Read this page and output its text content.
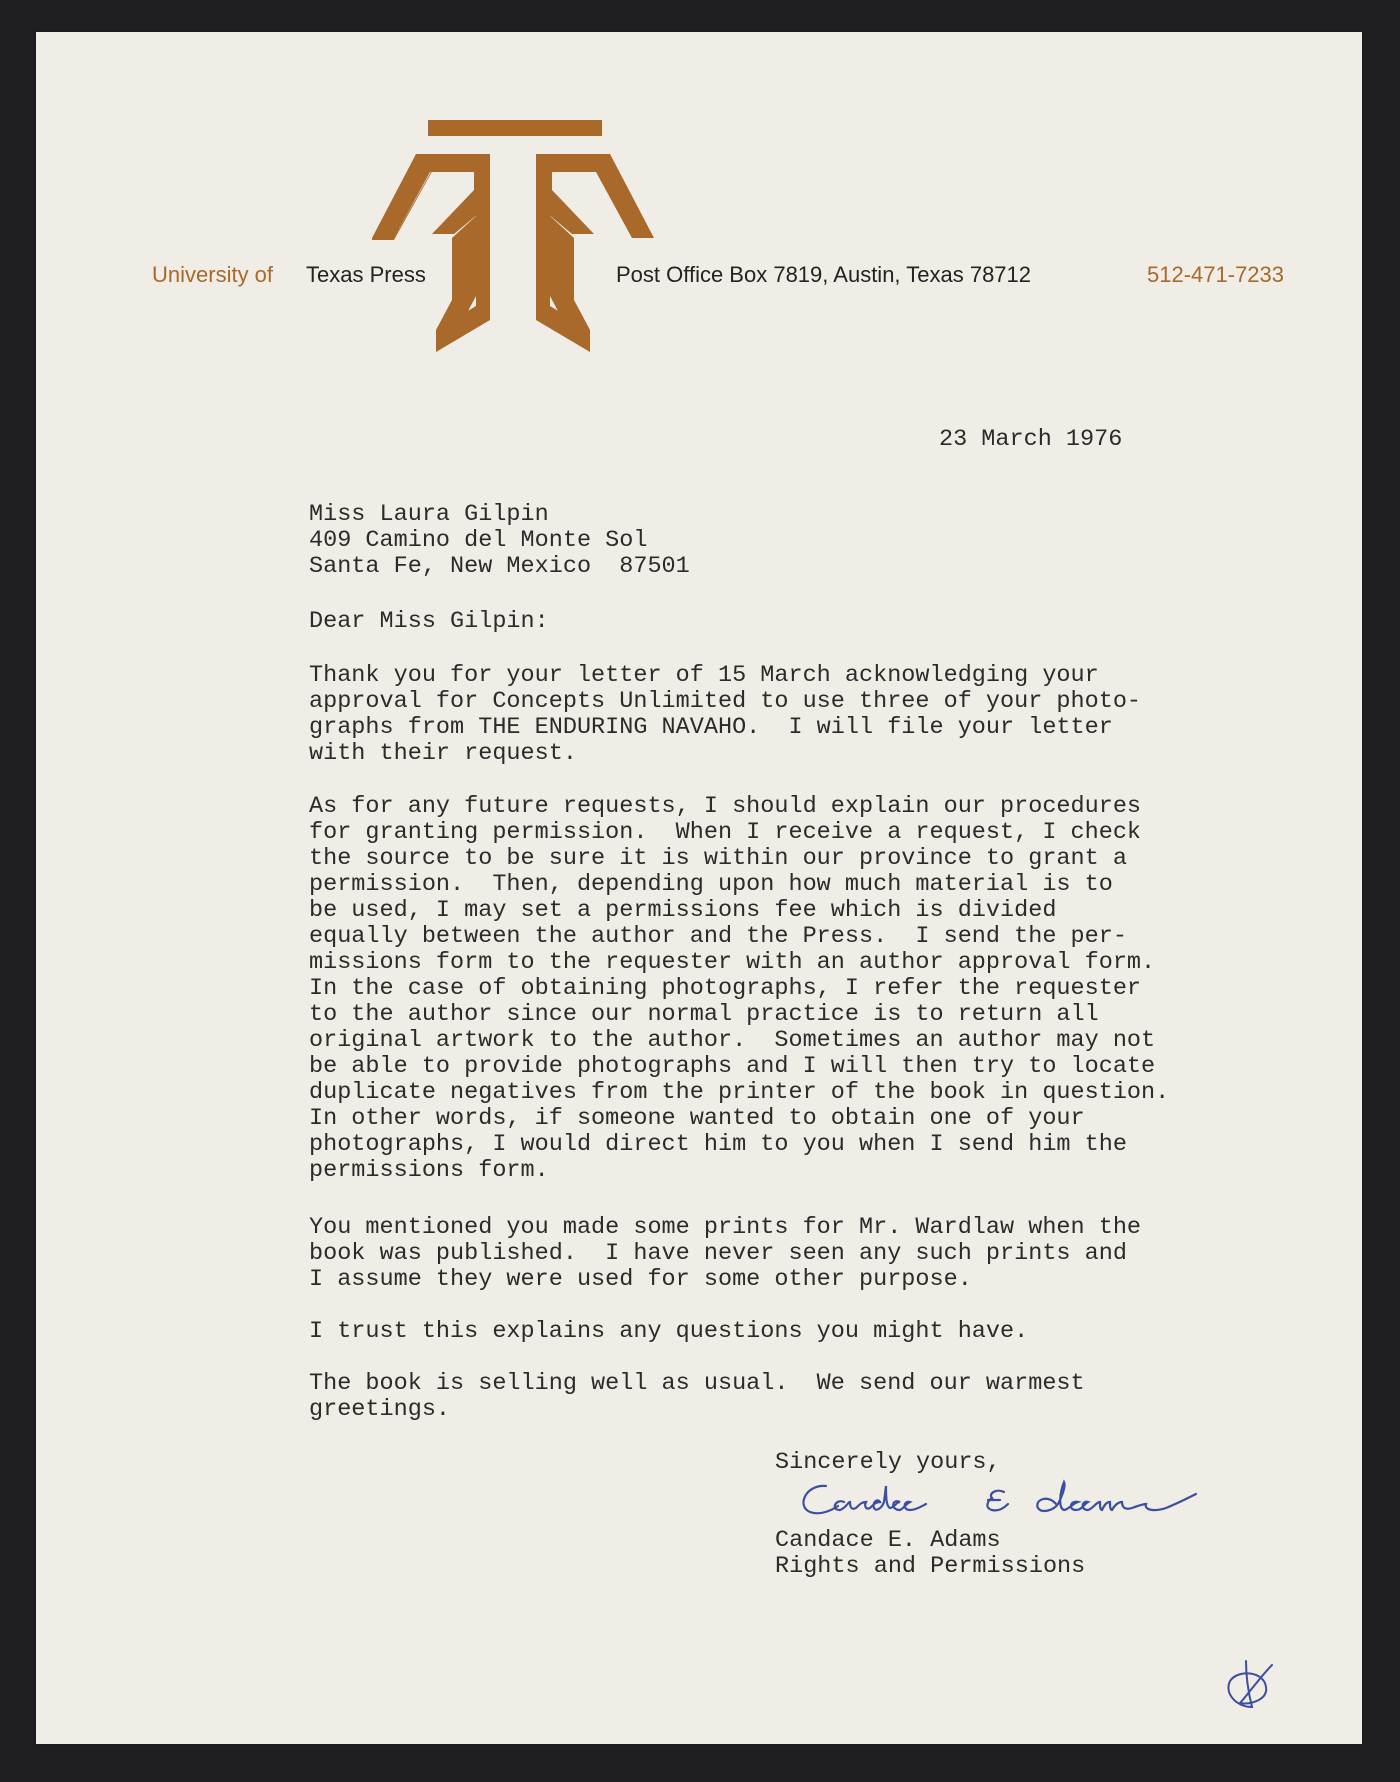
University of Texas Press	Post Office Box 7819, Austin, Texas 78712	512-471-7233

23 March 1976

Miss Laura Gilpin

409 Camino del Monte Sol

Santa Fe, New Mexico  87501

Dear Miss Gilpin:

Thank you for your letter of 15 March acknowledging your

approval for Concepts Unlimited to use three of your photo-

graphs from THE ENDURING NAVAHO.  I will file your letter

with their request.

As for any future requests, I should explain our procedures

for granting permission.  When I receive a request, I check

the source to be sure it is within our province to grant a

permission.  Then, depending upon how much material is to

be used, I may set a permissions fee which is divided

equally between the author and the Press.  I send the per-

missions form to the requester with an author approval form.

In the case of obtaining photographs, I refer the requester

to the author since our normal practice is to return all

original artwork to the author.  Sometimes an author may not

be able to provide photographs and I will then try to locate

duplicate negatives from the printer of the book in question.

In other words, if someone wanted to obtain one of your

photographs, I would direct him to you when I send him the

permissions form.

You mentioned you made some prints for Mr. Wardlaw when the

book was published.  I have never seen any such prints and

I assume they were used for some other purpose.

I trust this explains any questions you might have.

The book is selling well as usual.  We send our warmest

greetings.

Sincerely yours,

Candace E. Adams

Rights and Permissions
